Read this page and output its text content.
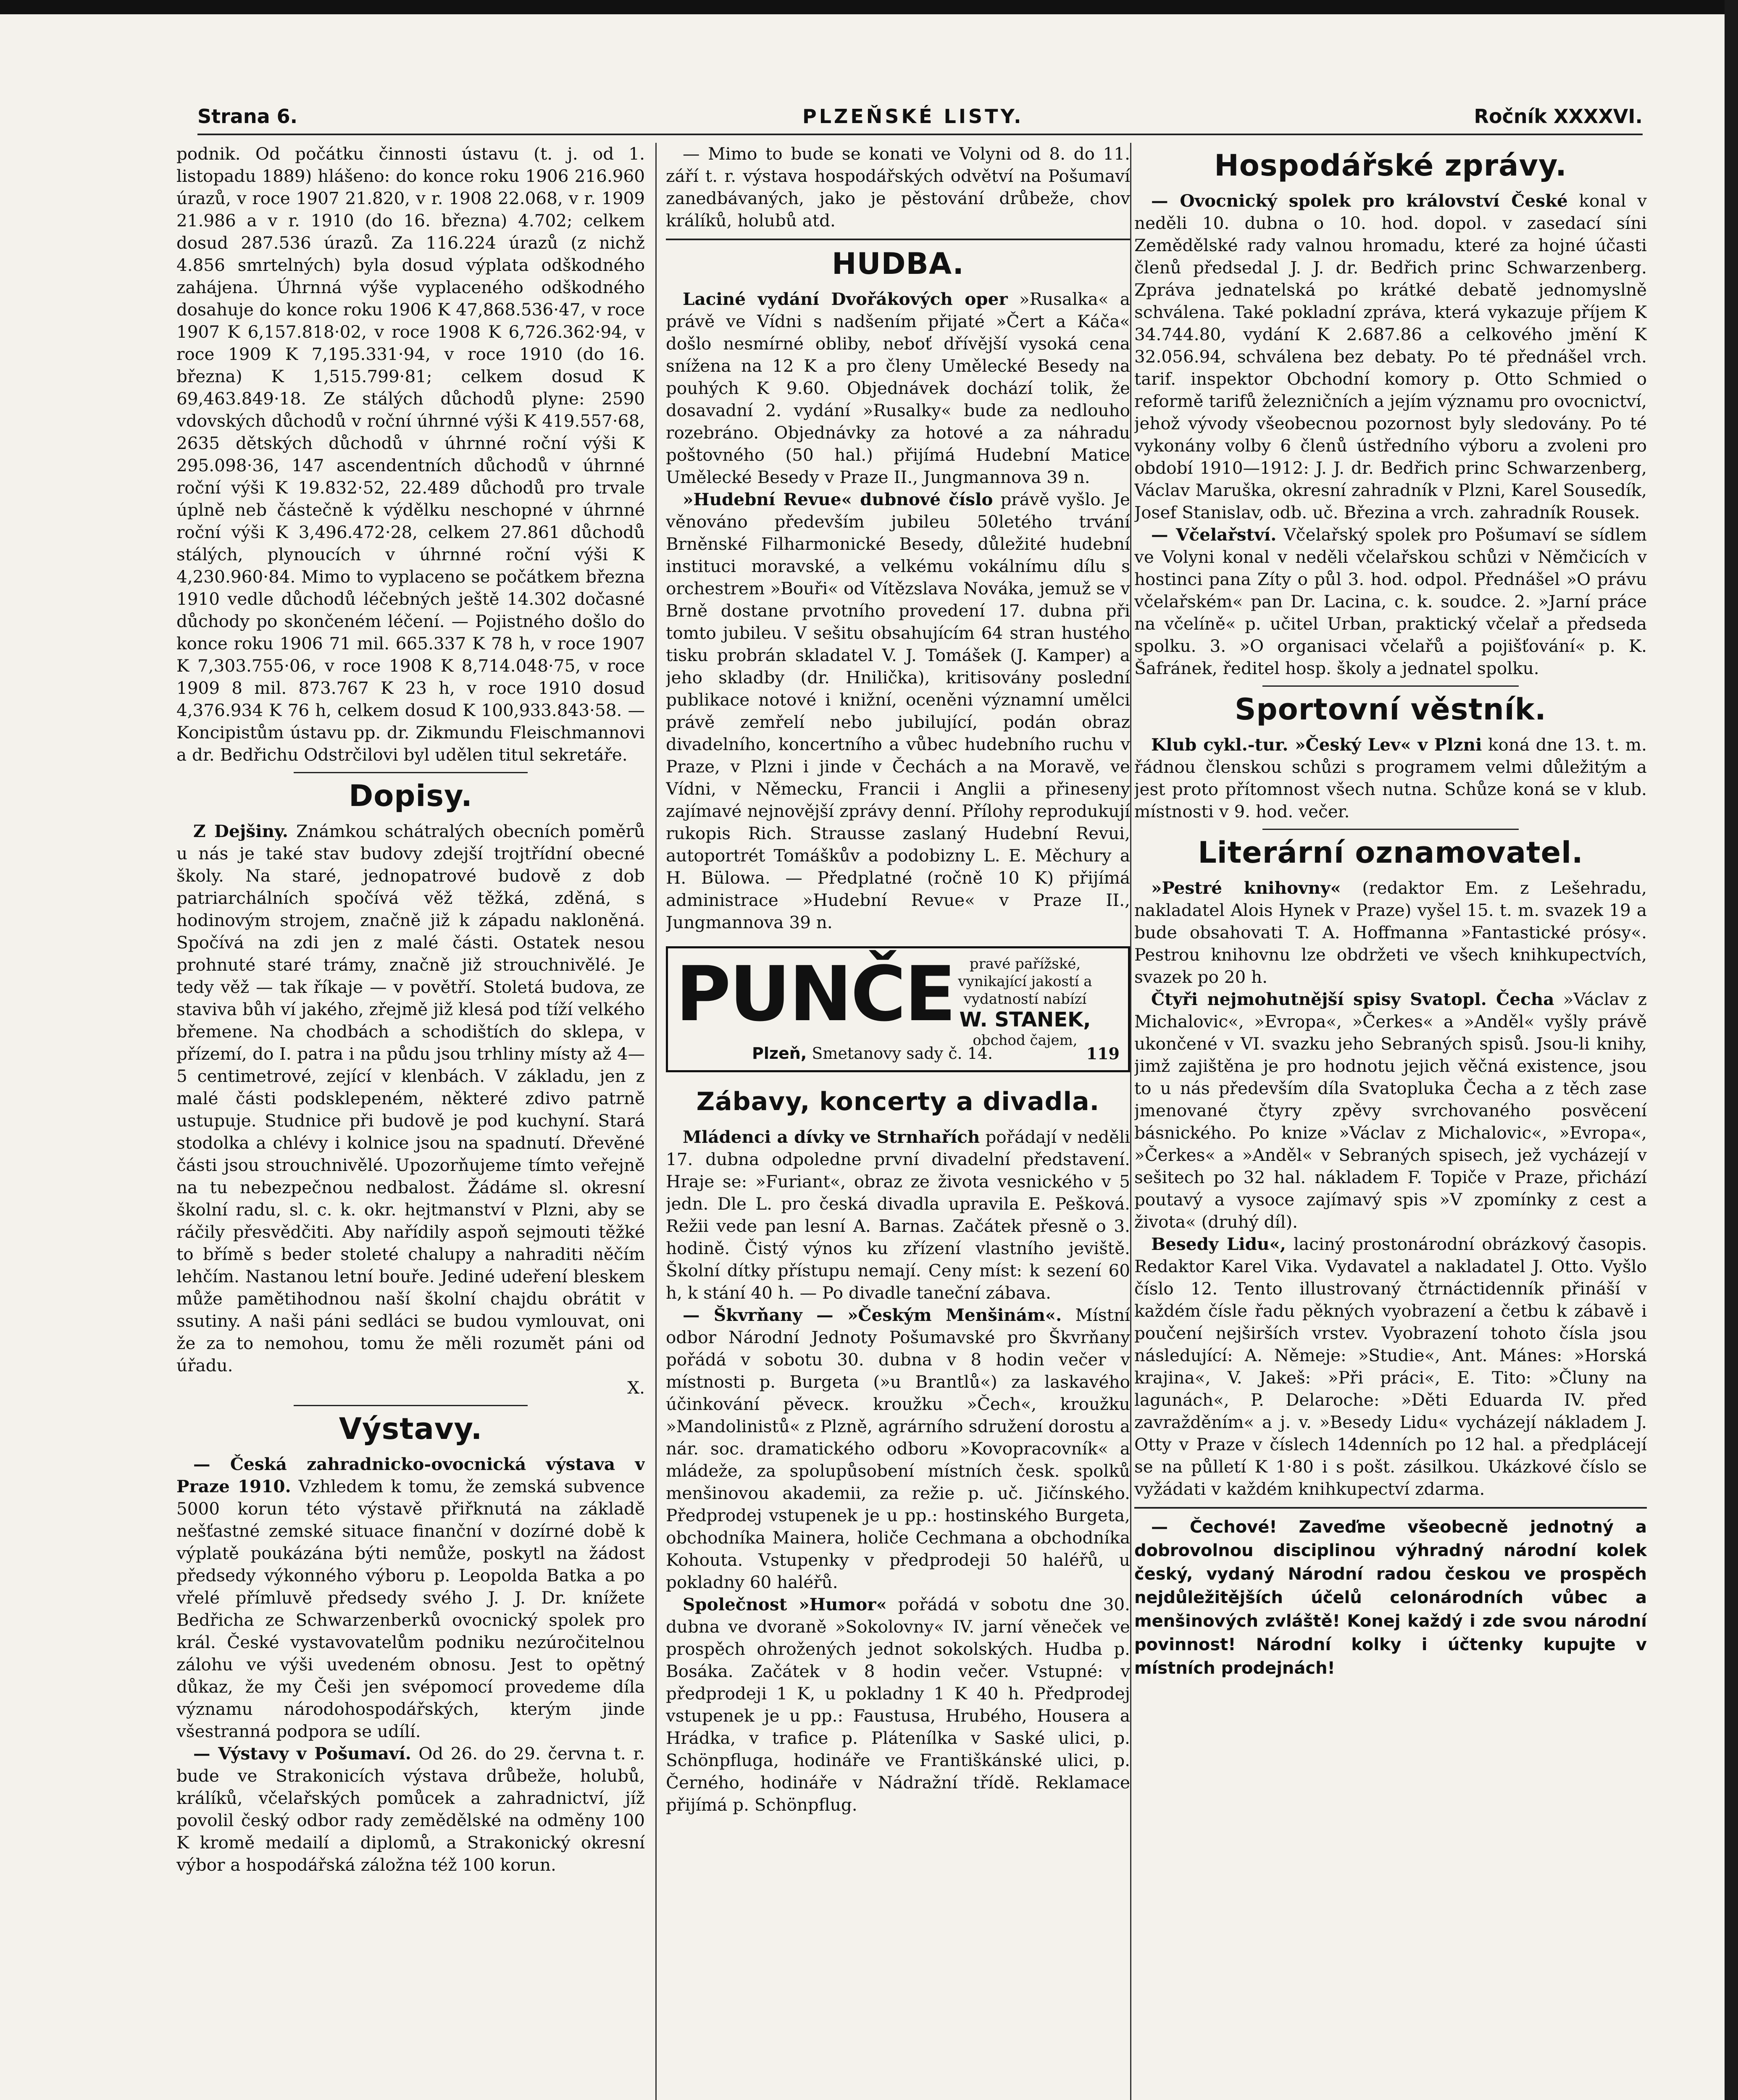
Strana 6.	PLZEŇSKÉ LISTY.	Ročník XXXXVI.

podnik. Od počátku činnosti ústavu (t. j. od 1. listopadu 1889) hlášeno: do konce roku 1906 216.960 úrazů, v roce 1907 21.820, v r. 1908 22.068, v r. 1909 21.986 a v r. 1910 (do 16. března) 4.702; celkem dosud 287.536 úrazů. Za 116.224 úrazů (z nichž 4.856 smrtelných) byla dosud výplata odškodného zahájena. Úhrnná výše vyplaceného odškodného dosahuje do konce roku 1906 K 47,868.536·47, v roce 1907 K 6,157.818·02, v roce 1908 K 6,726.362·94, v roce 1909 K 7,195.331·94, v roce 1910 (do 16. března) K 1,515.799·81; celkem dosud K 69,463.849·18. Ze stálých důchodů plyne: 2590 vdovských důchodů v roční úhrnné výši K 419.557·68, 2635 dětských důchodů v úhrnné roční výši K 295.098·36, 147 ascendentních důchodů v úhrnné roční výši K 19.832·52, 22.489 důchodů pro trvale úplně neb částečně k výdělku neschopné v úhrnné roční výši K 3,496.472·28, celkem 27.861 důchodů stálých, plynoucích v úhrnné roční výši K 4,230.960·84. Mimo to vyplaceno se počátkem března 1910 vedle důchodů léčebných ještě 14.302 dočasné důchody po skončeném léčení. — Pojistného došlo do konce roku 1906 71 mil. 665.337 K 78 h, v roce 1907 K 7,303.755·06, v roce 1908 K 8,714.048·75, v roce 1909 8 mil. 873.767 K 23 h, v roce 1910 dosud 4,376.934 K 76 h, celkem dosud K 100,933.843·58. — Koncipistům ústavu pp. dr. Zikmundu Fleischmannovi a dr. Bedřichu Odstrčilovi byl udělen titul sekretáře.

Dopisy.

Z Dejšiny. Známkou schátralých obecních poměrů u nás je také stav budovy zdejší trojtřídní obecné školy. Na staré, jednopatrové budově z dob patriarchálních spočívá věž těžká, zděná, s hodinovým strojem, značně již k západu nakloněná. Spočívá na zdi jen z malé části. Ostatek nesou prohnuté staré trámy, značně již strouchnivělé. Je tedy věž — tak říkaje — v povětří. Stoletá budova, ze staviva bůh ví jakého, zřejmě již klesá pod tíží velkého břemene. Na chodbách a schodištích do sklepa, v přízemí, do I. patra i na půdu jsou trhliny místy až 4—5 centimetrové, zející v klenbách. V základu, jen z malé části podsklepeném, některé zdivo patrně ustupuje. Studnice při budově je pod kuchyní. Stará stodolka a chlévy i kolnice jsou na spadnutí. Dřevěné části jsou strouchnivělé. Upozorňujeme tímto veřejně na tu nebezpečnou nedbalost. Žádáme sl. okresní školní radu, sl. c. k. okr. hejtmanství v Plzni, aby se ráčily přesvědčiti. Aby nařídily aspoň sejmouti těžké to břímě s beder stoleté chalupy a nahraditi něčím lehčím. Nastanou letní bouře. Jediné udeření bleskem může pamětihodnou naší školní chajdu obrátit v ssutiny. A naši páni sedláci se budou vymlouvat, oni že za to nemohou, tomu že měli rozumět páni od úřadu.

X.
Výstavy.

— Česká zahradnicko-ovocnická výstava v Praze 1910. Vzhledem k tomu, že zemská subvence 5000 korun této výstavě přiřknutá na základě nešťastné zemské situace finanční v dozírné době k výplatě poukázána býti nemůže, poskytl na žádost předsedy výkonného výboru p. Leopolda Batka a po vřelé přímluvě předsedy svého J. J. Dr. knížete Bedřicha ze Schwarzenberků ovocnický spolek pro král. České vystavovatelům podniku nezúročitelnou zálohu ve výši uvedeném obnosu. Jest to opětný důkaz, že my Češi jen svépomocí provedeme díla významu národohospodářských, kterým jinde všestranná podpora se udílí.

— Výstavy v Pošumaví. Od 26. do 29. června t. r. bude ve Strakonicích výstava drůbeže, holubů, králíků, včelařských pomůcek a zahradnictví, jíž povolil český odbor rady zemědělské na odměny 100 K kromě medailí a diplomů, a Strakonický okresní výbor a hospodářská záložna též 100 korun.

— Mimo to bude se konati ve Volyni od 8. do 11. září t. r. výstava hospodářských odvětví na Pošumaví zanedbávaných, jako je pěstování drůbeže, chov králíků, holubů atd.

HUDBA.

Laciné vydání Dvořákových oper »Rusalka« a právě ve Vídni s nadšením přijaté »Čert a Káča« došlo nesmírné obliby, neboť dřívější vysoká cena snížena na 12 K a pro členy Umělecké Besedy na pouhých K 9.60. Objednávek dochází tolik, že dosavadní 2. vydání »Rusalky« bude za nedlouho rozebráno. Objednávky za hotové a za náhradu poštovného (50 hal.) přijímá Hudební Matice Umělecké Besedy v Praze II., Jungmannova 39 n.

»Hudební Revue« dubnové číslo právě vyšlo. Je věnováno především jubileu 50letého trvání Brněnské Filharmonické Besedy, důležité hudební instituci moravské, a velkému vokálnímu dílu s orchestrem »Bouři« od Vítězslava Nováka, jemuž se v Brně dostane prvotního provedení 17. dubna při tomto jubileu. V sešitu obsahujícím 64 stran hustého tisku probrán skladatel V. J. Tomášek (J. Kamper) a jeho skladby (dr. Hnilička), kritisovány poslední publikace notové i knižní, oceněni významní umělci právě zemřelí nebo jubilující, podán obraz divadelního, koncertního a vůbec hudebního ruchu v Praze, v Plzni i jinde v Čechách a na Moravě, ve Vídni, v Německu, Francii i Anglii a přineseny zajímavé nejnovější zprávy denní. Přílohy reprodukují rukopis Rich. Strausse zaslaný Hudební Revui, autoportrét Tomáškův a podobizny L. E. Měchury a H. Bülowa. — Předplatné (ročně 10 K) přijímá administrace »Hudební Revue« v Praze II., Jungmannova 39 n.

PUNČE	pravé pařížské, vynikající jakostí a vydatností nabízí
W. STANEK,
obchod čajem,
Plzeň, Smetanovy sady č. 14.	119
Zábavy, koncerty a divadla.

Mládenci a dívky ve Strnhařích pořádají v neděli 17. dubna odpoledne první divadelní představení. Hraje se: »Furiant«, obraz ze života vesnického v 5 jedn. Dle L. pro česká divadla upravila E. Pešková. Režii vede pan lesní A. Barnas. Začátek přesně o 3. hodině. Čistý výnos ku zřízení vlastního jeviště. Školní dítky přístupu nemají. Ceny míst: k sezení 60 h, k stání 40 h. — Po divadle taneční zábava.

— Škvrňany — »Českým Menšinám«. Místní odbor Národní Jednoty Pošumavské pro Škvrňany pořádá v sobotu 30. dubna v 8 hodin večer v místnosti p. Burgeta (»u Brantlů«) za laskavého účinkování pěvecк. kroužku »Čech«, kroužku »Mandolinistů« z Plzně, agrárního sdružení dorostu a nár. soc. dramatického odboru »Kovopracovník« a mládeže, za spolupůsobení místních česk. spolků menšinovou akademii, za režie p. uč. Jičínského. Předprodej vstupenek je u pp.: hostinského Burgeta, obchodníka Mainera, holiče Cechmana a obchodníka Kohouta. Vstupenky v předprodeji 50 haléřů, u pokladny 60 haléřů.

Společnost »Humor« pořádá v sobotu dne 30. dubna ve dvoraně »Sokolovny« IV. jarní věneček ve prospěch ohrožených jednot sokolských. Hudba p. Bosáka. Začátek v 8 hodin večer. Vstupné: v předprodeji 1 K, u pokladny 1 K 40 h. Předprodej vstupenek je u pp.: Faustusa, Hrubého, Housera a Hrádka, v trafice p. Plátenílka v Saské ulici, p. Schönpfluga, hodináře ve Františkánské ulici, p. Černého, hodináře v Nádražní třídě. Reklamace přijímá p. Schönpflug.

Hospodářské zprávy.

— Ovocnický spolek pro království České konal v neděli 10. dubna o 10. hod. dopol. v zasedací síni Zemědělské rady valnou hromadu, které za hojné účasti členů předsedal J. J. dr. Bedřich princ Schwarzenberg. Zpráva jednatelská po krátké debatě jednomyslně schválena. Také pokladní zpráva, která vykazuje příjem K 34.744.80, vydání K 2.687.86 a celkového jmění K 32.056.94, schválena bez debaty. Po té přednášel vrch. tarif. inspektor Obchodní komory p. Otto Schmied o reformě tarifů železničních a jejím významu pro ovocnictví, jehož vývody všeobecnou pozornost byly sledovány. Po té vykonány volby 6 členů ústředního výboru a zvoleni pro období 1910—1912: J. J. dr. Bedřich princ Schwarzenberg, Václav Maruška, okresní zahradník v Plzni, Karel Sousedík, Josef Stanislav, odb. uč. Březina a vrch. zahradník Rousek.

— Včelařství. Včelařský spolek pro Pošumaví se sídlem ve Volyni konal v neděli včelařskou schůzi v Němčicích v hostinci pana Zíty o půl 3. hod. odpol. Přednášel »O právu včelařském« pan Dr. Lacina, c. k. soudce. 2. »Jarní práce na včelíně« p. učitel Urban, praktický včelař a předseda spolku. 3. »O organisaci včelařů a pojišťování« p. K. Šafránek, ředitel hosp. školy a jednatel spolku.

Sportovní věstník.

Klub cykl.-tur. »Český Lev« v Plzni koná dne 13. t. m. řádnou členskou schůzi s programem velmi důležitým a jest proto přítomnost všech nutna. Schůze koná se v klub. místnosti v 9. hod. večer.

Literární oznamovatel.

»Pestré knihovny« (redaktor Em. z Lešehradu, nakladatel Alois Hynek v Praze) vyšel 15. t. m. svazek 19 a bude obsahovati T. A. Hoffmanna »Fantastické prósy«. Pestrou knihovnu lze obdržeti ve všech knihkupectvích, svazek po 20 h.

Čtyři nejmohutnější spisy Svatopl. Čecha »Václav z Michalovic«, »Evropa«, »Čerkes« a »Anděl« vyšly právě ukončené v VI. svazku jeho Sebraných spisů. Jsou-li knihy, jimž zajištěna je pro hodnotu jejich věčná existence, jsou to u nás především díla Svatopluka Čecha a z těch zase jmenované čtyry zpěvy svrchovaného posvěcení básnického. Po knize »Václav z Michalovic«, »Evropa«, »Čerkes« a »Anděl« v Sebraných spisech, jež vycházejí v sešitech po 32 hal. nákladem F. Topiče v Praze, přichází poutavý a vysoce zajímavý spis »V zpomínky z cest a života« (druhý díl).

Besedy Lidu«, laciný prostonárodní obrázkový časopis. Redaktor Karel Vika. Vydavatel a nakladatel J. Otto. Vyšlo číslo 12. Tento illustrovaný čtrnáctidenník přináší v každém čísle řadu pěkných vyobrazení a četbu k zábavě i poučení nejširších vrstev. Vyobrazení tohoto čísla jsou následující: A. Němeje: »Studie«, Ant. Mánes: »Horská krajina«, V. Jakeš: »Při práci«, E. Tito: »Čluny na lagunách«, P. Delaroche: »Děti Eduarda IV. před zavražděním« a j. v. »Besedy Lidu« vycházejí nákladem J. Otty v Praze v číslech 14denních po 12 hal. a předplácejí se na půlletí K 1·80 i s pošt. zásilkou. Ukázkové číslo se vyžádati v každém knihkupectví zdarma.

— Čechové! Zaveďme všeobecně jednotný a dobrovolnou disciplinou výhradný národní kolek český, vydaný Národní radou českou ve prospěch nejdůležitějších účelů celonárodních vůbec a menšinových zvláště! Konej každý i zde svou národní povinnost! Národní kolky i účtenky kupujte v místních prodejnách!
